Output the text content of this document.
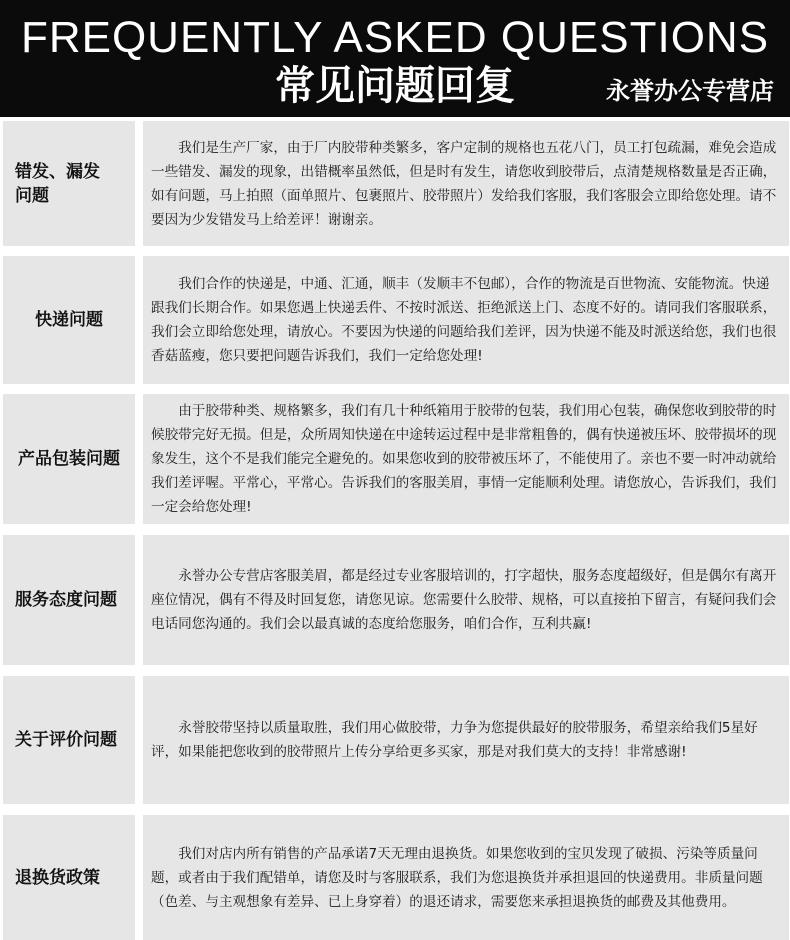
FREQUENTLY ASKED QUESTIONS
常见问题回复	永誉办公专营店
错发、漏发问题
我们是生产厂家，由于厂内胶带种类繁多，客户定制的规格也五花八门，员工打包疏漏，难免会造成一些错发、漏发的现象，出错概率虽然低，但是时有发生，请您收到胶带后，点清楚规格数量是否正确，如有问题，马上拍照（面单照片、包裹照片、胶带照片）发给我们客服，我们客服会立即给您处理。请不要因为少发错发马上给差评！谢谢亲。
快递问题
我们合作的快递是，中通、汇通，顺丰（发顺丰不包邮），合作的物流是百世物流、安能物流。快递跟我们长期合作。如果您遇上快递丢件、不按时派送、拒绝派送上门、态度不好的。请同我们客服联系，我们会立即给您处理，请放心。不要因为快递的问题给我们差评，因为快递不能及时派送给您，我们也很香菇蓝瘦，您只要把问题告诉我们，我们一定给您处理!
产品包装问题
由于胶带种类、规格繁多，我们有几十种纸箱用于胶带的包装，我们用心包装，确保您收到胶带的时候胶带完好无损。但是，众所周知快递在中途转运过程中是非常粗鲁的，偶有快递被压坏、胶带损坏的现象发生，这个不是我们能完全避免的。如果您收到的胶带被压坏了，不能使用了。亲也不要一时冲动就给我们差评喔。平常心，平常心。告诉我们的客服美眉，事情一定能顺利处理。请您放心，告诉我们，我们一定会给您处理!
服务态度问题
永誉办公专营店客服美眉，都是经过专业客服培训的，打字超快，服务态度超级好，但是偶尔有离开座位情况，偶有不得及时回复您，请您见谅。您需要什么胶带、规格，可以直接拍下留言，有疑问我们会电话同您沟通的。我们会以最真诚的态度给您服务，咱们合作，互利共赢!
关于评价问题
永誉胶带坚持以质量取胜，我们用心做胶带，力争为您提供最好的胶带服务，希望亲给我们5星好评，如果能把您收到的胶带照片上传分享给更多买家，那是对我们莫大的支持！非常感谢!
退换货政策
我们对店内所有销售的产品承诺7天无理由退换货。如果您收到的宝贝发现了破损、污染等质量问题，或者由于我们配错单，请您及时与客服联系，我们为您退换货并承担退回的快递费用。非质量问题（色差、与主观想象有差异、已上身穿着）的退还请求，需要您来承担退换货的邮费及其他费用。
